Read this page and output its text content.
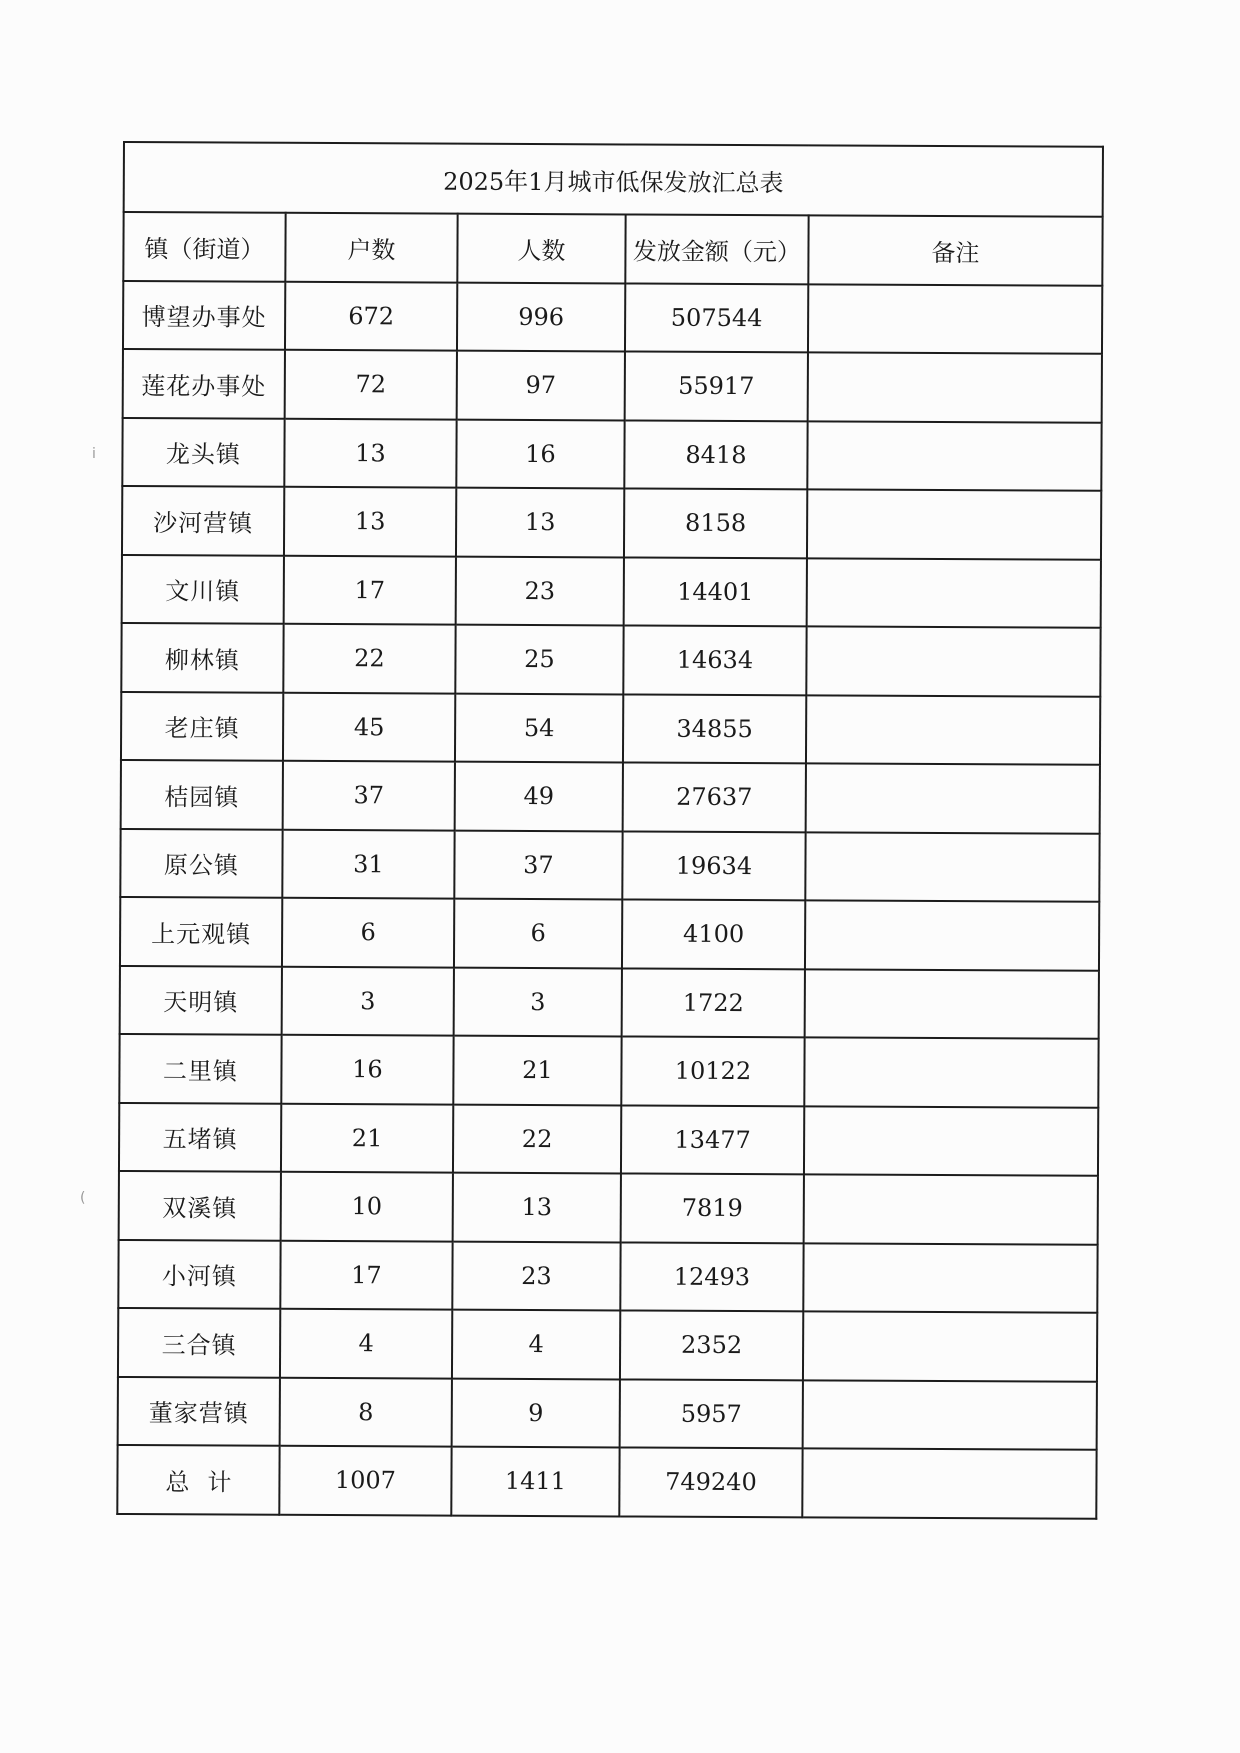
ⅰ
(
2025年1月城市低保发放汇总表				
镇（街道）	户数	人数	发放金额（元）	备注
博望办事处	672	996	507544	
莲花办事处	72	97	55917	
龙头镇	13	16	8418	
沙河营镇	13	13	8158	
文川镇	17	23	14401	
柳林镇	22	25	14634	
老庄镇	45	54	34855	
桔园镇	37	49	27637	
原公镇	31	37	19634	
上元观镇	6	6	4100	
天明镇	3	3	1722	
二里镇	16	21	10122	
五堵镇	21	22	13477	
双溪镇	10	13	7819	
小河镇	17	23	12493	
三合镇	4	4	2352	
董家营镇	8	9	5957	
总计	1007	1411	749240	
